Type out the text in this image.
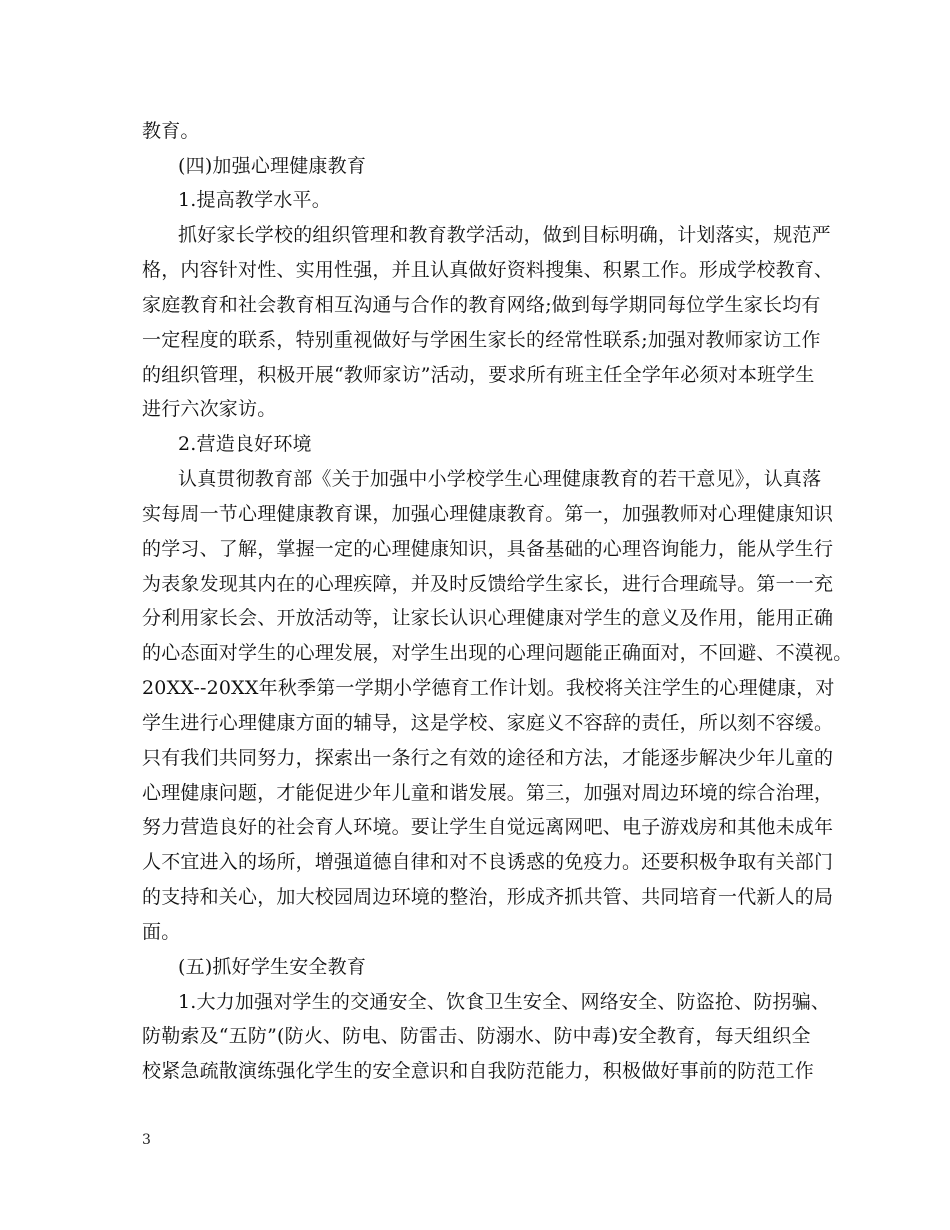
教育。
(四)加强心理健康教育
1.提高教学水平。
抓好家长学校的组织管理和教育教学活动，做到目标明确，计划落实，规范严
格，内容针对性、实用性强，并且认真做好资料搜集、积累工作。形成学校教育、
家庭教育和社会教育相互沟通与合作的教育网络;做到每学期同每位学生家长均有
一定程度的联系，特别重视做好与学困生家长的经常性联系;加强对教师家访工作
的组织管理，积极开展“教师家访”活动，要求所有班主任全学年必须对本班学生
进行六次家访。
2.营造良好环境
认真贯彻教育部《关于加强中小学校学生心理健康教育的若干意见》，认真落
实每周一节心理健康教育课，加强心理健康教育。第一，加强教师对心理健康知识
的学习、了解，掌握一定的心理健康知识，具备基础的心理咨询能力，能从学生行
为表象发现其内在的心理疾障，并及时反馈给学生家长，进行合理疏导。第一一充
分利用家长会、开放活动等，让家长认识心理健康对学生的意义及作用，能用正确
的心态面对学生的心理发展，对学生出现的心理问题能正确面对，不回避、不漠视。
20XX--20XX年秋季第一学期小学德育工作计划。我校将关注学生的心理健康，对
学生进行心理健康方面的辅导，这是学校、家庭义不容辞的责任，所以刻不容缓。
只有我们共同努力，探索出一条行之有效的途径和方法，才能逐步解决少年儿童的
心理健康问题，才能促进少年儿童和谐发展。第三，加强对周边环境的综合治理，
努力营造良好的社会育人环境。要让学生自觉远离网吧、电子游戏房和其他未成年
人不宜进入的场所，增强道德自律和对不良诱惑的免疫力。还要积极争取有关部门
的支持和关心，加大校园周边环境的整治，形成齐抓共管、共同培育一代新人的局
面。
(五)抓好学生安全教育
1.大力加强对学生的交通安全、饮食卫生安全、网络安全、防盗抢、防拐骗、
防勒索及“五防”(防火、防电、防雷击、防溺水、防中毒)安全教育，每天组织全
校紧急疏散演练强化学生的安全意识和自我防范能力，积极做好事前的防范工作
3
